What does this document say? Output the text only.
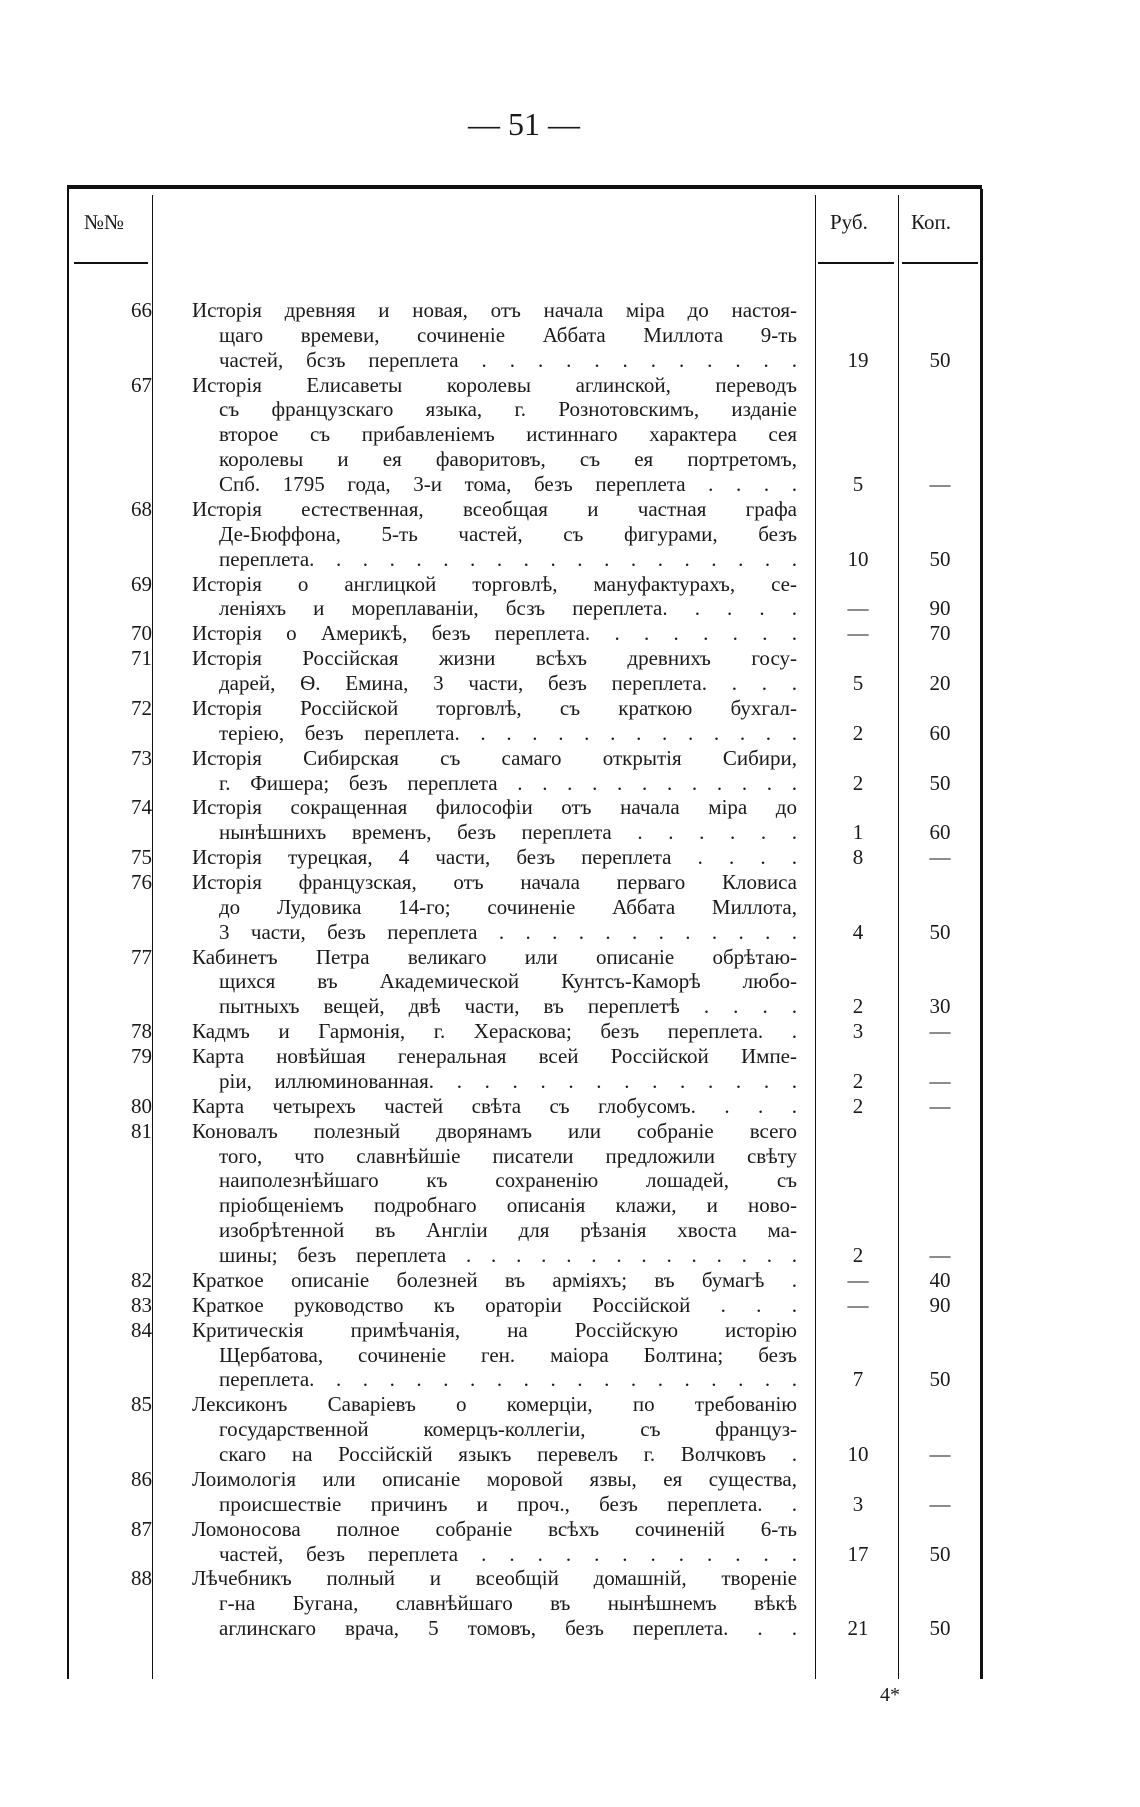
— 51 —
№№	Руб. Коп.
66 Исторія древняя и новая, отъ начала міра до настоя-
щаго времеви, сочиненіе Аббата Миллота 9-ть
частей, бсзъ переплета . . . . . . . . . . . .	19	50
67 Исторія Елисаветы королевы аглинской, переводъ
съ французскаго языка, г. Рознотовскимъ, изданіе
второе съ прибавленіемъ истиннаго характера сея
королевы и ея фаворитовъ, съ ея портретомъ,
Спб. 1795 года, 3-и тома, безъ переплета . . . .	5	—
68 Исторія естественная, всеобщая и частная графа
Де-Бюффона, 5-ть частей, съ фигурами, безъ
переплета. . . . . . . . . . . . . . . . . . .	10	50
69 Исторія о англицкой торговлѣ, мануфактурахъ, се-
леніяхъ и мореплаваніи, бсзъ переплета. . . . .	—	90
70 Исторія о Америкѣ, безъ переплета. . . . . . . .	—	70
71 Исторія Россійская жизни всѣхъ древнихъ госу-
дарей, Ѳ. Емина, 3 части, безъ переплета. . . .	5	20
72 Исторія Россійской торговлѣ, съ краткою бухгал-
теріею, безъ переплета. . . . . . . . . . . . . .	2	60
73 Исторія Сибирская съ самаго открытія Сибири,
г. Фишера; безъ переплета . . . . . . . . . . . .	2	50
74 Исторія сокращенная философіи отъ начала міра до
нынѣшнихъ временъ, безъ переплета . . . . . .	1	60
75 Исторія турецкая, 4 части, безъ переплета . . . .	8	—
76 Исторія французская, отъ начала перваго Кловиса
до Лудовика 14-го; сочиненіе Аббата Миллота,
3 части, безъ переплета . . . . . . . . . . . .	4	50
77 Кабинетъ Петра великаго или описаніе обрѣтаю-
щихся въ Академической Кунтсъ-Каморѣ любо-
пытныхъ вещей, двѣ части, въ переплетѣ . . . .	2	30
78 Кадмъ и Гармонія, г. Хераскова; безъ переплета. .	3	—
79 Карта новѣйшая генеральная всей Россійской Импе-
ріи, иллюминованная. . . . . . . . . . . . . .	2	—
80 Карта четырехъ частей свѣта съ глобусомъ. . . .	2	—
81 Коновалъ полезный дворянамъ или собраніе всего
того, что славнѣйшіе писатели предложили свѣту
наиполезнѣйшаго къ сохраненію лошадей, съ
пріобщеніемъ подробнаго описанія клажи, и ново-
изобрѣтенной въ Англіи для рѣзанія хвоста ма-
шины; безъ переплета . . . . . . . . . . . . . .	2	—
82 Краткое описаніе болезней въ арміяхъ; въ бумагѣ .	—	40
83 Краткое руководство къ ораторіи Россійской . . .	—	90
84 Критическія примѣчанія, на Россійскую исторію
Щербатова, сочиненіе ген. маіора Болтина; безъ
переплета. . . . . . . . . . . . . . . . . . .	7	50
85 Лексиконъ Саваріевъ о комерціи, по требованію
государственной комерцъ-коллегіи, съ француз-
скаго на Россійскій языкъ перевелъ г. Волчковъ .	10	—
86 Лоимологія или описаніе моровой язвы, ея существа,
происшествіе причинъ и проч., безъ переплета. .	3	—
87 Ломоносова полное собраніе всѣхъ сочиненій 6-ть
частей, безъ переплета . . . . . . . . . . . .	17	50
88 Лѣчебникъ полный и всеобщій домашній, твореніе
г-на Бугана, славнѣйшаго въ нынѣшнемъ вѣкѣ
аглинскаго врача, 5 томовъ, безъ переплета. . .	21	50
4*
